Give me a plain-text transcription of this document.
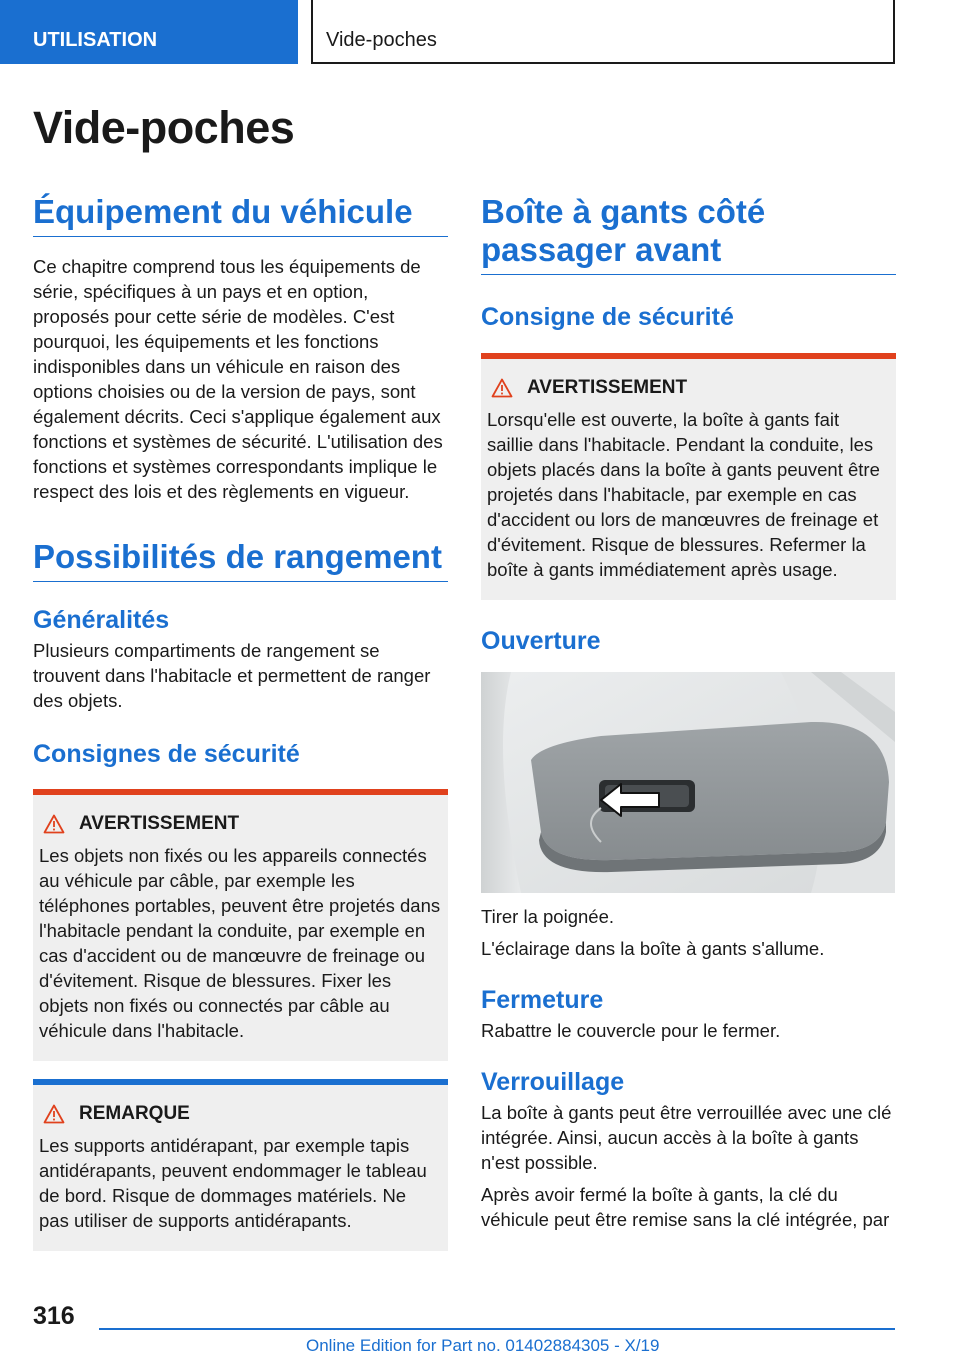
UTILISATION	Vide-poches
Vide-poches
Équipement du véhicule

Ce chapitre comprend tous les équipements de série, spécifiques à un pays et en option, proposés pour cette série de modèles. C'est pourquoi, les équipements et les fonctions indisponibles dans un véhicule en raison des options choisies ou de la version de pays, sont également décrits. Ceci s'applique également aux fonctions et systèmes de sécurité. L'utilisation des fonctions et systèmes correspondants implique le respect des lois et des règlements en vigueur.

Possibilités de rangement
Généralités

Plusieurs compartiments de rangement se trouvent dans l'habitacle et permettent de ranger des objets.

Consignes de sécurité
AVERTISSEMENT

Les objets non fixés ou les appareils connectés au véhicule par câble, par exemple les téléphones portables, peuvent être projetés dans l'habitacle pendant la conduite, par exemple en cas d'accident ou de manœuvre de freinage ou d'évitement. Risque de blessures. Fixer les objets non fixés ou connectés par câble au véhicule dans l'habitacle.

REMARQUE

Les supports antidérapant, par exemple tapis antidérapants, peuvent endommager le tableau de bord. Risque de dommages matériels. Ne pas utiliser de supports antidérapants.

Boîte à gants côté passager avant
Consigne de sécurité
AVERTISSEMENT

Lorsqu'elle est ouverte, la boîte à gants fait saillie dans l'habitacle. Pendant la conduite, les objets placés dans la boîte à gants peuvent être projetés dans l'habitacle, par exemple en cas d'accident ou lors de manœuvres de freinage et d'évitement. Risque de blessures. Refermer la boîte à gants immédiatement après usage.

Ouverture

Tirer la poignée.

L'éclairage dans la boîte à gants s'allume.

Fermeture

Rabattre le couvercle pour le fermer.

Verrouillage

La boîte à gants peut être verrouillée avec une clé intégrée. Ainsi, aucun accès à la boîte à gants n'est possible.

Après avoir fermé la boîte à gants, la clé du véhicule peut être remise sans la clé intégrée, par

316
Online Edition for Part no. 01402884305 - X/19
